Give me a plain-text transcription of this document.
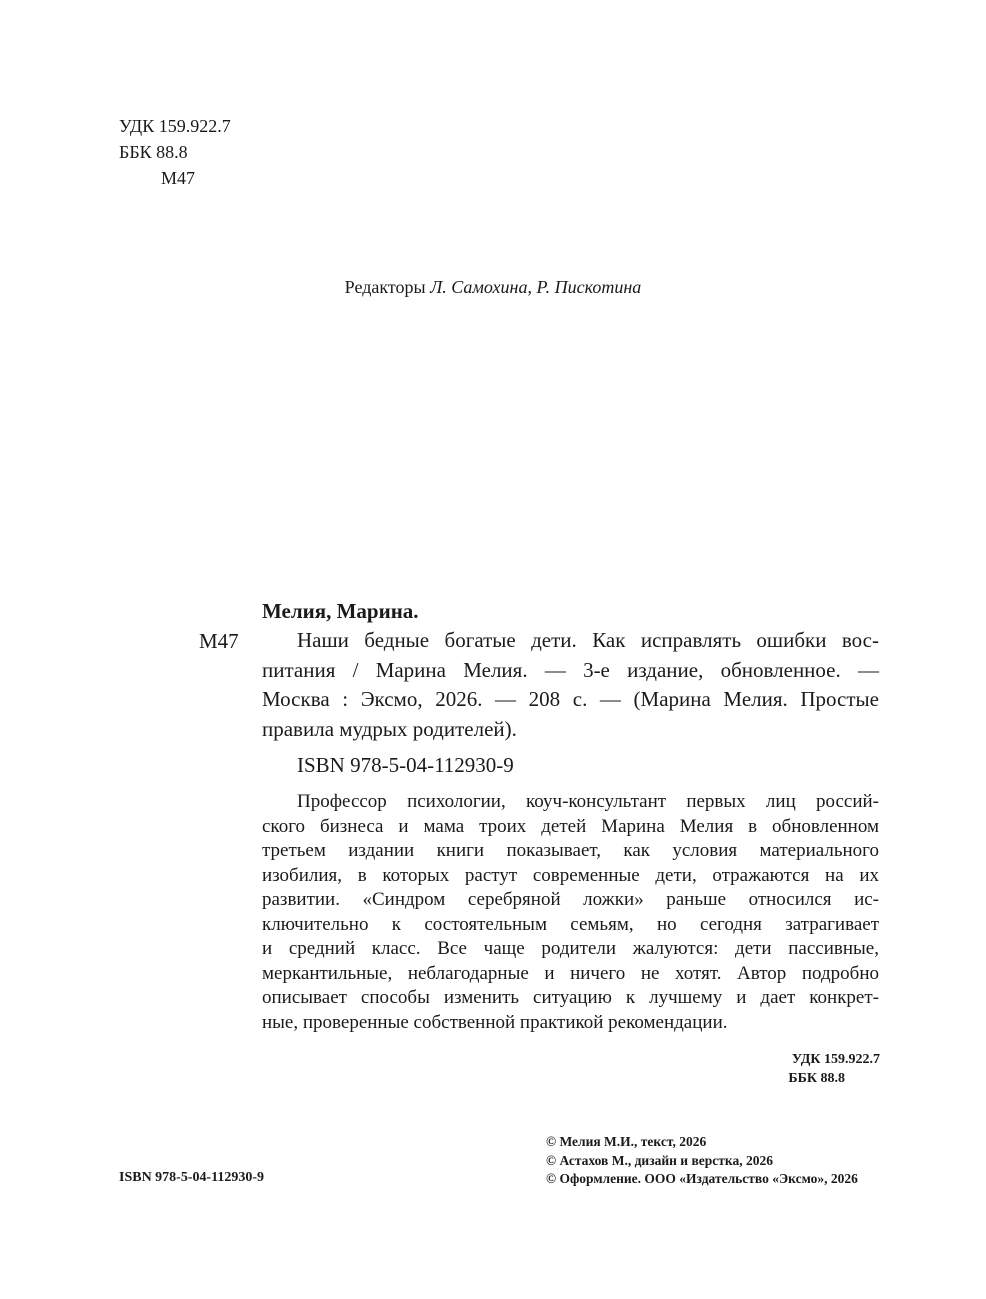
УДК 159.922.7
ББК 88.8
М47
Редакторы Л. Самохина, Р. Пискотина
Мелия, Марина.
М47	Наши бедные богатые дети. Как исправлять ошибки вос-
питания / Марина Мелия. — 3-е издание, обновленное. —
Москва : Эксмо, 2026. — 208 с. — (Марина Мелия. Простые
правила мудрых родителей).
ISBN 978-5-04-112930-9
Профессор психологии, коуч-консультант первых лиц россий-
ского бизнеса и мама троих детей Марина Мелия в обновленном
третьем издании книги показывает, как условия материального
изобилия, в которых растут современные дети, отражаются на их
развитии. «Синдром серебряной ложки» раньше относился ис-
ключительно к состоятельным семьям, но сегодня затрагивает
и средний класс. Все чаще родители жалуются: дети пассивные,
меркантильные, неблагодарные и ничего не хотят. Автор подробно
описывает способы изменить ситуацию к лучшему и дает конкрет-
ные, проверенные собственной практикой рекомендации.
УДК 159.922.7
ББК 88.8
© Мелия М.И., текст, 2026
© Астахов М., дизайн и верстка, 2026
© Оформление. ООО «Издательство «Эксмо», 2026
ISBN 978-5-04-112930-9
